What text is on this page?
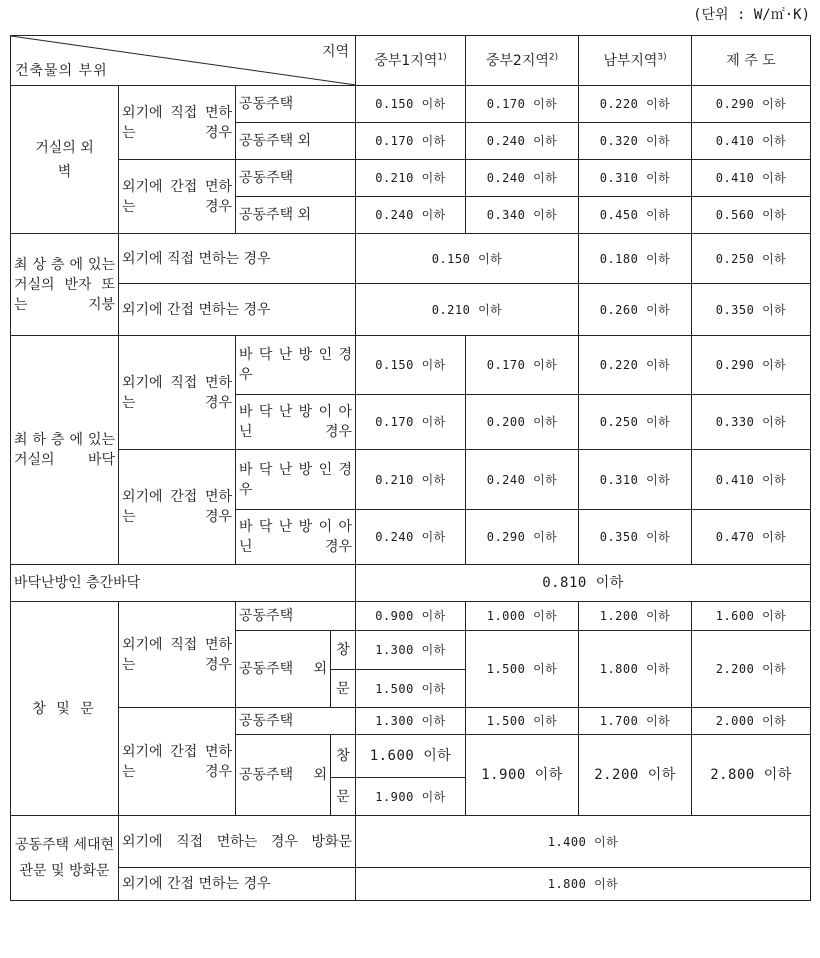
(단위 : W/㎡·K)
지역
건축물의 부위				중부1지역$^{1)}$	중부2지역$^{2)}$	남부지역$^{3)}$	제 주 도
거실의 외벽	외기에 직접 면하는 경우	공동주택		0.150 이하	0.170 이하	0.220 이하	0.290 이하
		공동주택 외		0.170 이하	0.240 이하	0.320 이하	0.410 이하
	외기에 간접 면하는 경우	공동주택		0.210 이하	0.240 이하	0.310 이하	0.410 이하
		공동주택 외		0.240 이하	0.340 이하	0.450 이하	0.560 이하
최 상 층 에 있는 거실의 반자 또는 지붕	외기에 직접 면하는 경우			0.150 이하		0.180 이하	0.250 이하
	외기에 간접 면하는 경우			0.210 이하		0.260 이하	0.350 이하
최 하 층 에 있는 거실의 바닥	외기에 직접 면하는 경우	바 닥 난 방 인 경우		0.150 이하	0.170 이하	0.220 이하	0.290 이하
		바 닥 난 방 이 아닌 경우		0.170 이하	0.200 이하	0.250 이하	0.330 이하
	외기에 간접 면하는 경우	바 닥 난 방 인 경우		0.210 이하	0.240 이하	0.310 이하	0.410 이하
		바 닥 난 방 이 아닌 경우		0.240 이하	0.290 이하	0.350 이하	0.470 이하
바닥난방인 층간바닥				0.810 이하			
창 및 문	외기에 직접 면하는 경우	공동주택		0.900 이하	1.000 이하	1.200 이하	1.600 이하
		공동주택 외	창	1.300 이하	1.500 이하	1.800 이하	2.200 이하
			문	1.500 이하			
	외기에 간접 면하는 경우	공동주택		1.300 이하	1.500 이하	1.700 이하	2.000 이하
		공동주택 외	창	1.600 이하	1.900 이하	2.200 이하	2.800 이하
			문	1.900 이하			
공동주택 세대현관문 및 방화문	외기에 직접 면하는 경우 방화문			1.400 이하			
	외기에 간접 면하는 경우			1.800 이하			
